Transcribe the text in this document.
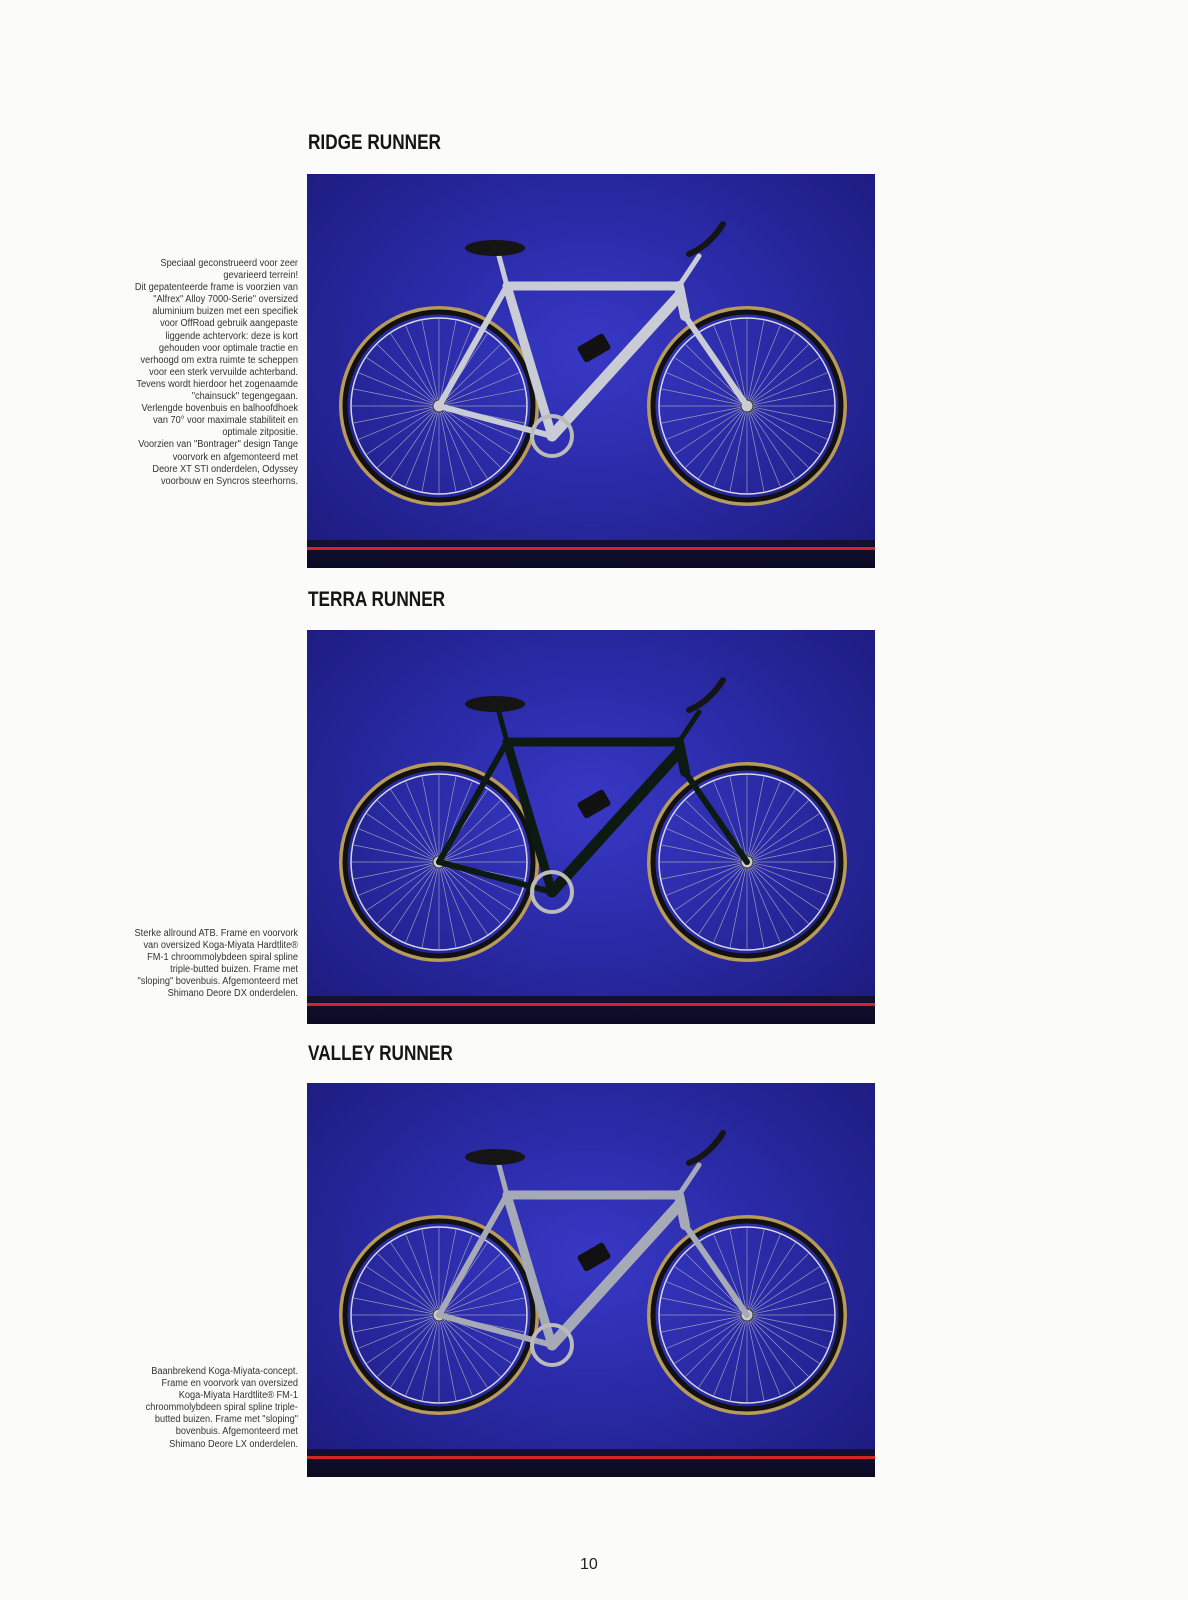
RIDGE RUNNER
Speciaal geconstrueerd voor zeer
gevarieerd terrein!
Dit gepatenteerde frame is voorzien van
"Alfrex" Alloy 7000-Serie" oversized
aluminium buizen met een specifiek
voor OffRoad gebruik aangepaste
liggende achtervork: deze is kort
gehouden voor optimale tractie en
verhoogd om extra ruimte te scheppen
voor een sterk vervuilde achterband.
Tevens wordt hierdoor het zogenaamde
"chainsuck" tegengegaan.
Verlengde bovenbuis en balhoofdhoek
van 70° voor maximale stabiliteit en
optimale zitpositie.
Voorzien van "Bontrager" design Tange
voorvork en afgemonteerd met
Deore XT STI onderdelen, Odyssey
voorbouw en Syncros steerhorns.
TERRA RUNNER
Sterke allround ATB. Frame en voorvork
van oversized Koga-Miyata Hardtlite®
FM-1 chroommolybdeen spiral spline
triple-butted buizen. Frame met
"sloping" bovenbuis. Afgemonteerd met
Shimano Deore DX onderdelen.
VALLEY RUNNER
Baanbrekend Koga-Miyata-concept.
Frame en voorvork van oversized
Koga-Miyata Hardtlite® FM-1
chroommolybdeen spiral spline triple-
butted buizen. Frame met "sloping"
bovenbuis. Afgemonteerd met
Shimano Deore LX onderdelen.
10
